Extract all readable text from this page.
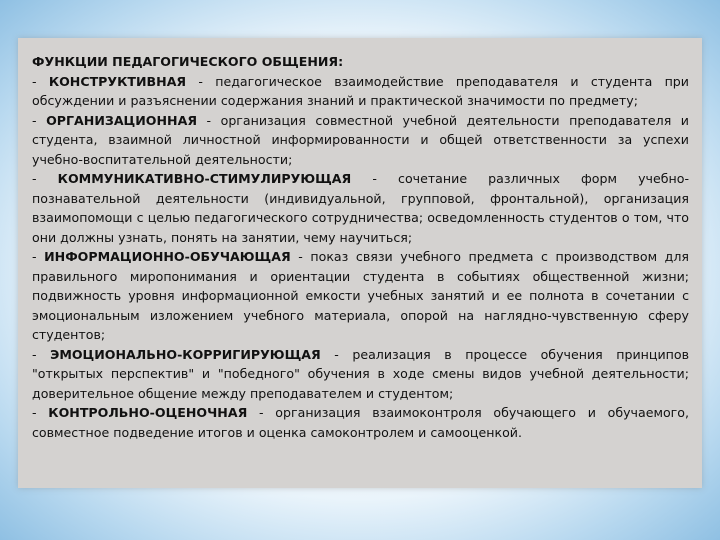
ФУНКЦИИ ПЕДАГОГИЧЕСКОГО ОБЩЕНИЯ:

- КОНСТРУКТИВНАЯ - педагогическое взаимодействие преподавателя и студента при обсуждении и разъяснении содержания знаний и практической значимости по предмету;

- ОРГАНИЗАЦИОННАЯ - организация совместной учебной деятельности преподавателя и студента, взаимной личностной информированности и общей ответственности за успехи учебно-воспитательной деятельности;

- КОММУНИКАТИВНО-СТИМУЛИРУЮЩАЯ - сочетание различных форм учебно-познавательной деятельности (индивидуальной, групповой, фронтальной), организация взаимопомощи с целью педагогического сотрудничества; осведомленность студентов о том, что они должны узнать, понять на занятии, чему научиться;

- ИНФОРМАЦИОННО-ОБУЧАЮЩАЯ - показ связи учебного предмета с производством для правильного миропонимания и ориентации студента в событиях общественной жизни; подвижность уровня информационной емкости учебных занятий и ее полнота в сочетании с эмоциональным изложением учебного материала, опорой на наглядно-чувственную сферу студентов;

- ЭМОЦИОНАЛЬНО-КОРРИГИРУЮЩАЯ - реализация в процессе обучения принципов "открытых перспектив" и "победного" обучения в ходе смены видов учебной деятельности; доверительное общение между преподавателем и студентом;

- КОНТРОЛЬНО-ОЦЕНОЧНАЯ - организация взаимоконтроля обучающего и обучаемого, совместное подведение итогов и оценка самоконтролем и самооценкой.
